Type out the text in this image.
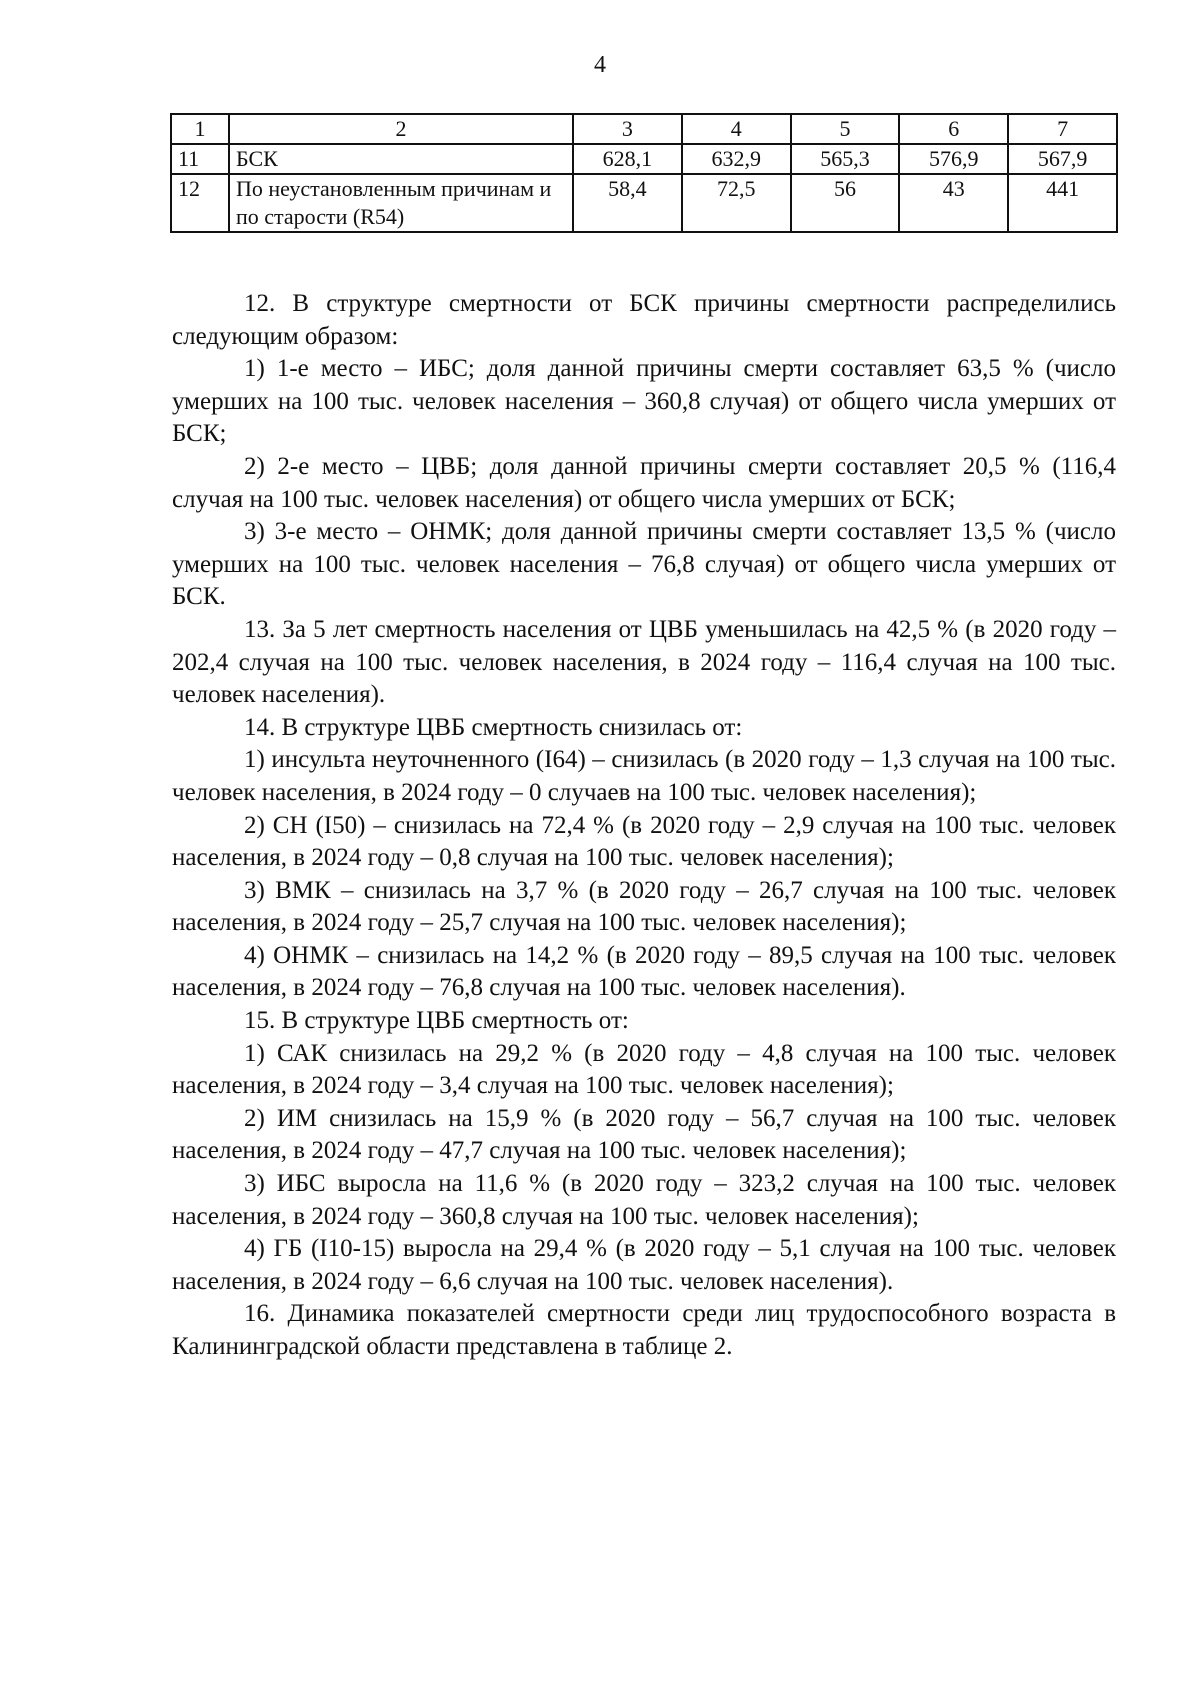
4
1	2	3	4	5	6	7
11	БСК	628,1	632,9	565,3	576,9	567,9
12	По неустановленным причинам и по старости (R54)	58,4	72,5	56	43	441

12. В структуре смертности от БСК причины смертности распределились следующим образом:

1) 1-е место – ИБС; доля данной причины смерти составляет 63,5 % (число умерших на 100 тыс. человек населения – 360,8 случая) от общего числа умерших от БСК;

2) 2-е место – ЦВБ; доля данной причины смерти составляет 20,5 % (116,4 случая на 100 тыс. человек населения) от общего числа умерших от БСК;

3) 3-е место – ОНМК; доля данной причины смерти составляет 13,5 % (число умерших на 100 тыс. человек населения – 76,8 случая) от общего числа умерших от БСК.

13. За 5 лет смертность населения от ЦВБ уменьшилась на 42,5 % (в 2020 году – 202,4 случая на 100 тыс. человек населения, в 2024 году – 116,4 случая на 100 тыс. человек населения).

14. В структуре ЦВБ смертность снизилась от:

1) инсульта неуточненного (I64) – снизилась (в 2020 году – 1,3 случая на 100 тыс. человек населения, в 2024 году – 0 случаев на 100 тыс. человек населения);

2) СН (I50) – снизилась на 72,4 % (в 2020 году – 2,9 случая на 100 тыс. человек населения, в 2024 году – 0,8 случая на 100 тыс. человек населения);

3) ВМК – снизилась на 3,7 % (в 2020 году – 26,7 случая на 100 тыс. человек населения, в 2024 году – 25,7 случая на 100 тыс. человек населения);

4) ОНМК – снизилась на 14,2 % (в 2020 году – 89,5 случая на 100 тыс. человек населения, в 2024 году – 76,8 случая на 100 тыс. человек населения).

15. В структуре ЦВБ смертность от:

1) САК снизилась на 29,2 % (в 2020 году – 4,8 случая на 100 тыс. человек населения, в 2024 году – 3,4 случая на 100 тыс. человек населения);

2) ИМ снизилась на 15,9 % (в 2020 году – 56,7 случая на 100 тыс. человек населения, в 2024 году – 47,7 случая на 100 тыс. человек населения);

3) ИБС выросла на 11,6 % (в 2020 году – 323,2 случая на 100 тыс. человек населения, в 2024 году – 360,8 случая на 100 тыс. человек населения);

4) ГБ (I10-15) выросла на 29,4 % (в 2020 году – 5,1 случая на 100 тыс. человек населения, в 2024 году – 6,6 случая на 100 тыс. человек населения).

16. Динамика показателей смертности среди лиц трудоспособного возраста в Калининградской области представлена в таблице 2.
